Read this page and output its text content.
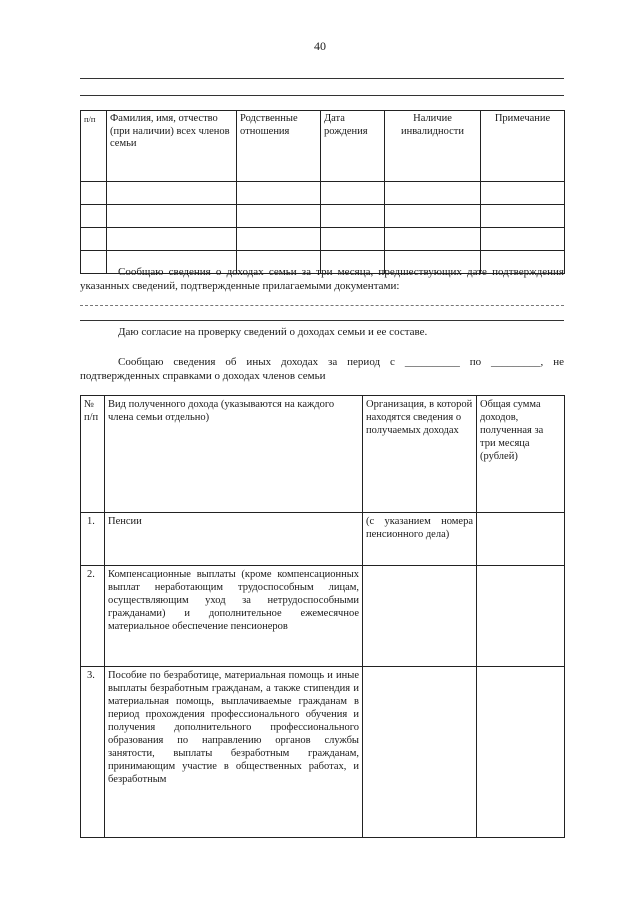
40
п/п	Фамилия, имя, отчество (при наличии) всех членов семьи	Родственные отношения	Дата рождения	Наличие инвалидности	Примечание

Сообщаю сведения о доходах семьи за три месяца, предшествующих дате подтверждения указанных сведений, подтвержденные прилагаемыми документами:
Даю согласие на проверку сведений о доходах семьи и ее составе.
Сообщаю сведения об иных доходах за период с __________ по _________, не подтвержденных справками о доходах членов семьи
№ п/п	Вид полученного дохода (указываются на каждого члена семьи отдельно)	Организация, в которой находятся сведения о получаемых доходах	Общая сумма доходов, полученная за три месяца (рублей)
1.	Пенсии	(с указанием номера пенсионного дела)	
2.	Компенсационные выплаты (кроме компенсационных выплат неработающим трудоспособным лицам, осуществляющим уход за нетрудоспособными гражданами) и дополнительное ежемесячное материальное обеспечение пенсионеров		
3.	Пособие по безработице, материальная помощь и иные выплаты безработным гражданам, а также стипендия и материальная помощь, выплачиваемые гражданам в период прохождения профессионального обучения и получения дополнительного профессионального образования по направлению органов службы занятости, выплаты безработным гражданам, принимающим участие в общественных работах, и безработным		
